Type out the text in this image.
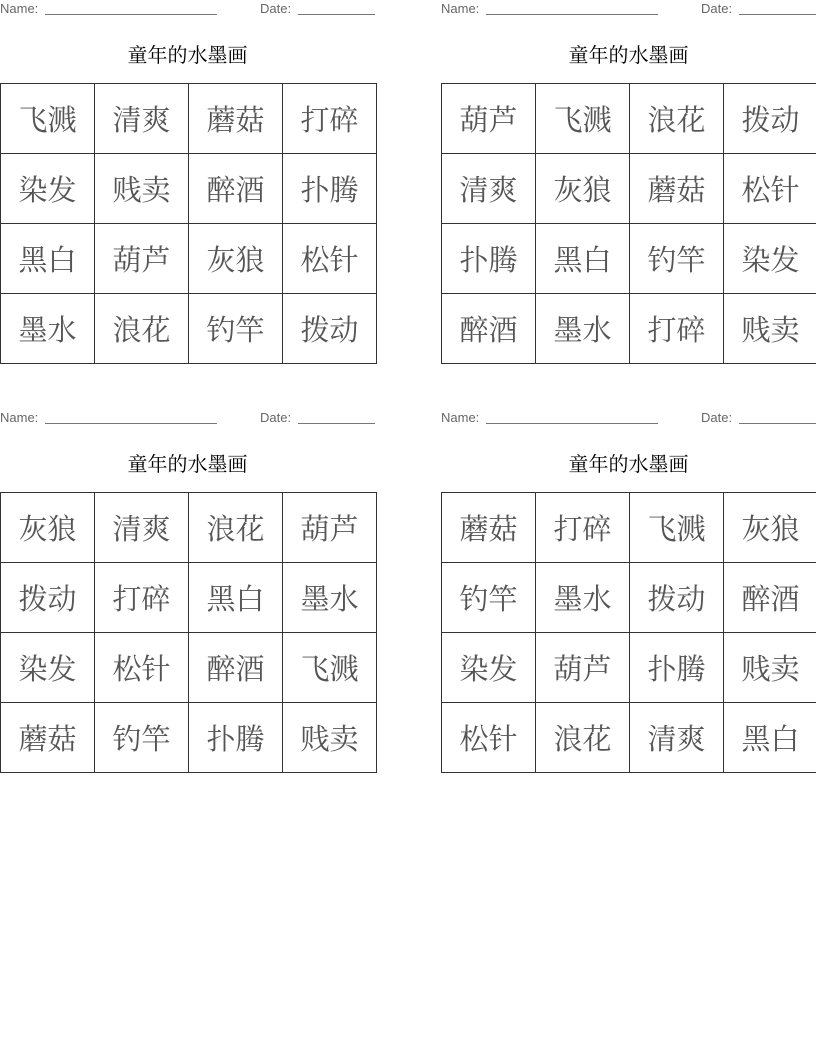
Name:	Date:
童年的水墨画
飞溅	清爽	蘑菇	打碎
染发	贱卖	醉酒	扑腾
黑白	葫芦	灰狼	松针
墨水	浪花	钓竿	拨动
Name:	Date:
童年的水墨画
葫芦	飞溅	浪花	拨动
清爽	灰狼	蘑菇	松针
扑腾	黑白	钓竿	染发
醉酒	墨水	打碎	贱卖
Name:	Date:
童年的水墨画
灰狼	清爽	浪花	葫芦
拨动	打碎	黑白	墨水
染发	松针	醉酒	飞溅
蘑菇	钓竿	扑腾	贱卖
Name:	Date:
童年的水墨画
蘑菇	打碎	飞溅	灰狼
钓竿	墨水	拨动	醉酒
染发	葫芦	扑腾	贱卖
松针	浪花	清爽	黑白
